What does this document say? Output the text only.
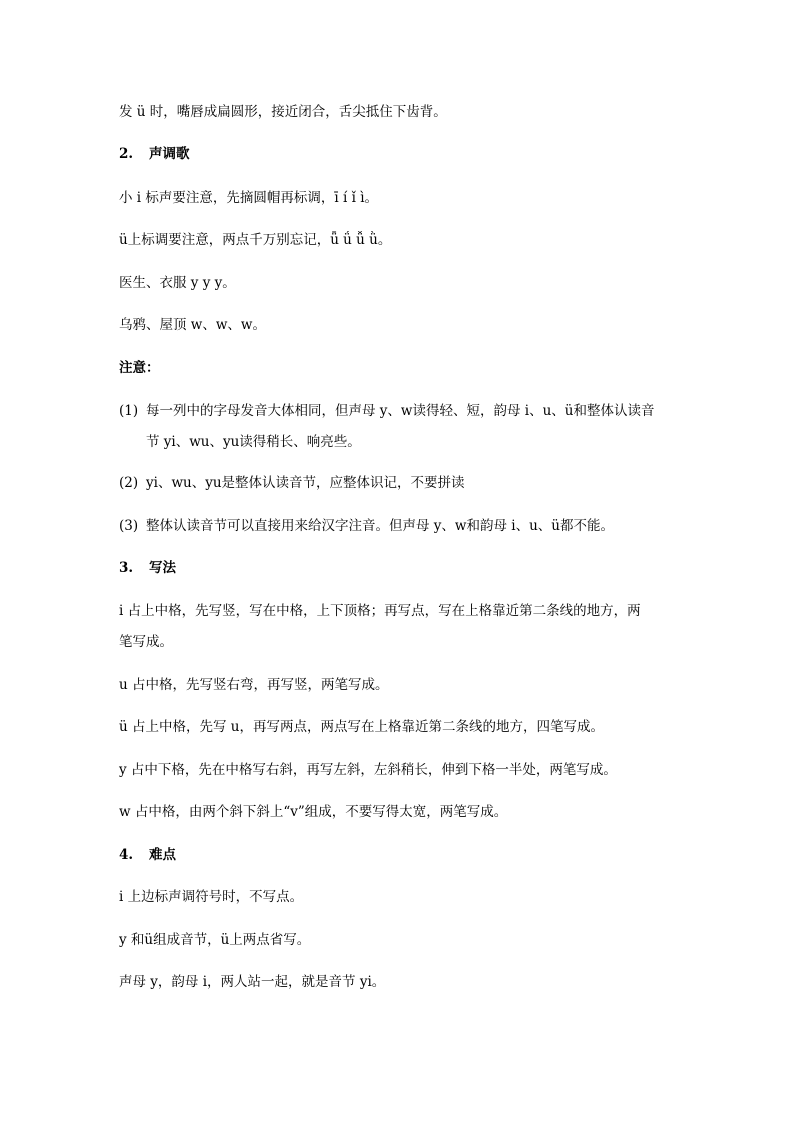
发 ü 时，嘴唇成扁圆形，接近闭合，舌尖抵住下齿背。
2. 声调歌
小 i 标声要注意，先摘圆帽再标调，ī í ǐ ì。
ü上标调要注意，两点千万别忘记，ǖ ǘ ǚ ǜ。
医生、衣服 y y y。
乌鸦、屋顶 w、w、w。
注意：
(1) 每一列中的字母发音大体相同，但声母 y、w读得轻、短，韵母 i、u、ü和整体认读音
节 yi、wu、yu读得稍长、响亮些。
(2) yi、wu、yu是整体认读音节，应整体识记，不要拼读
(3) 整体认读音节可以直接用来给汉字注音。但声母 y、w和韵母 i、u、ü都不能。
3. 写法
i 占上中格，先写竖，写在中格，上下顶格；再写点，写在上格靠近第二条线的地方，两
笔写成。
u 占中格，先写竖右弯，再写竖，两笔写成。
ü 占上中格，先写 u，再写两点，两点写在上格靠近第二条线的地方，四笔写成。
y 占中下格，先在中格写右斜，再写左斜，左斜稍长，伸到下格一半处，两笔写成。
w 占中格，由两个斜下斜上“v”组成，不要写得太宽，两笔写成。
4. 难点
i 上边标声调符号时，不写点。
y 和ü组成音节，ü上两点省写。
声母 y，韵母 i，两人站一起，就是音节 yi。
